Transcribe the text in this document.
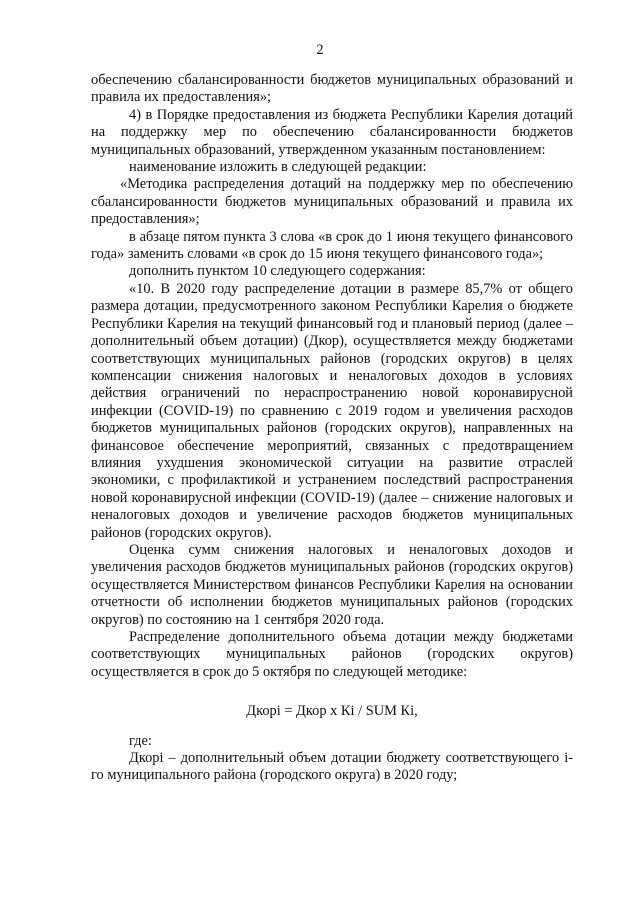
2

обеспечению сбалансированности бюджетов муниципальных образований и правила их предоставления»;

4) в Порядке предоставления из бюджета Республики Карелия дотаций на поддержку мер по обеспечению сбалансированности бюджетов муниципальных образований, утвержденном указанным постановлением:

наименование изложить в следующей редакции:

«Методика распределения дотаций на поддержку мер по обеспечению сбалансированности бюджетов муниципальных образований и правила их предоставления»;

в абзаце пятом пункта 3 слова «в срок до 1 июня текущего финансового года» заменить словами «в срок до 15 июня текущего финансового года»;

дополнить пунктом 10 следующего содержания:

«10. В 2020 году распределение дотации в размере 85,7% от общего размера дотации, предусмотренного законом Республики Карелия о бюджете Республики Карелия на текущий финансовый год и плановый период (далее – дополнительный объем дотации) (Дкор), осуществляется между бюджетами соответствующих муниципальных районов (городских округов) в целях компенсации снижения налоговых и неналоговых доходов в условиях действия ограничений по нераспространению новой коронавирусной инфекции (COVID-19) по сравнению с 2019 годом и увеличения расходов бюджетов муниципальных районов (городских округов), направленных на финансовое обеспечение мероприятий, связанных с предотвращением влияния ухудшения экономической ситуации на развитие отраслей экономики, с профилактикой и устранением последствий распространения новой коронавирусной инфекции (COVID-19) (далее – снижение налоговых и неналоговых доходов и увеличение расходов бюджетов муниципальных районов (городских округов).

Оценка сумм снижения налоговых и неналоговых доходов и увеличения расходов бюджетов муниципальных районов (городских округов) осуществляется Министерством финансов Республики Карелия на основании отчетности об исполнении бюджетов муниципальных районов (городских округов) по состоянию на 1 сентября 2020 года.

Распределение дополнительного объема дотации между бюджетами соответствующих муниципальных районов (городских округов) осуществляется в срок до 5 октября по следующей методике:

Дкорi = Дкор x Кi / SUM Кi,

где:

Дкорi – дополнительный объем дотации бюджету соответствующего i-го муниципального района (городского округа) в 2020 году;
